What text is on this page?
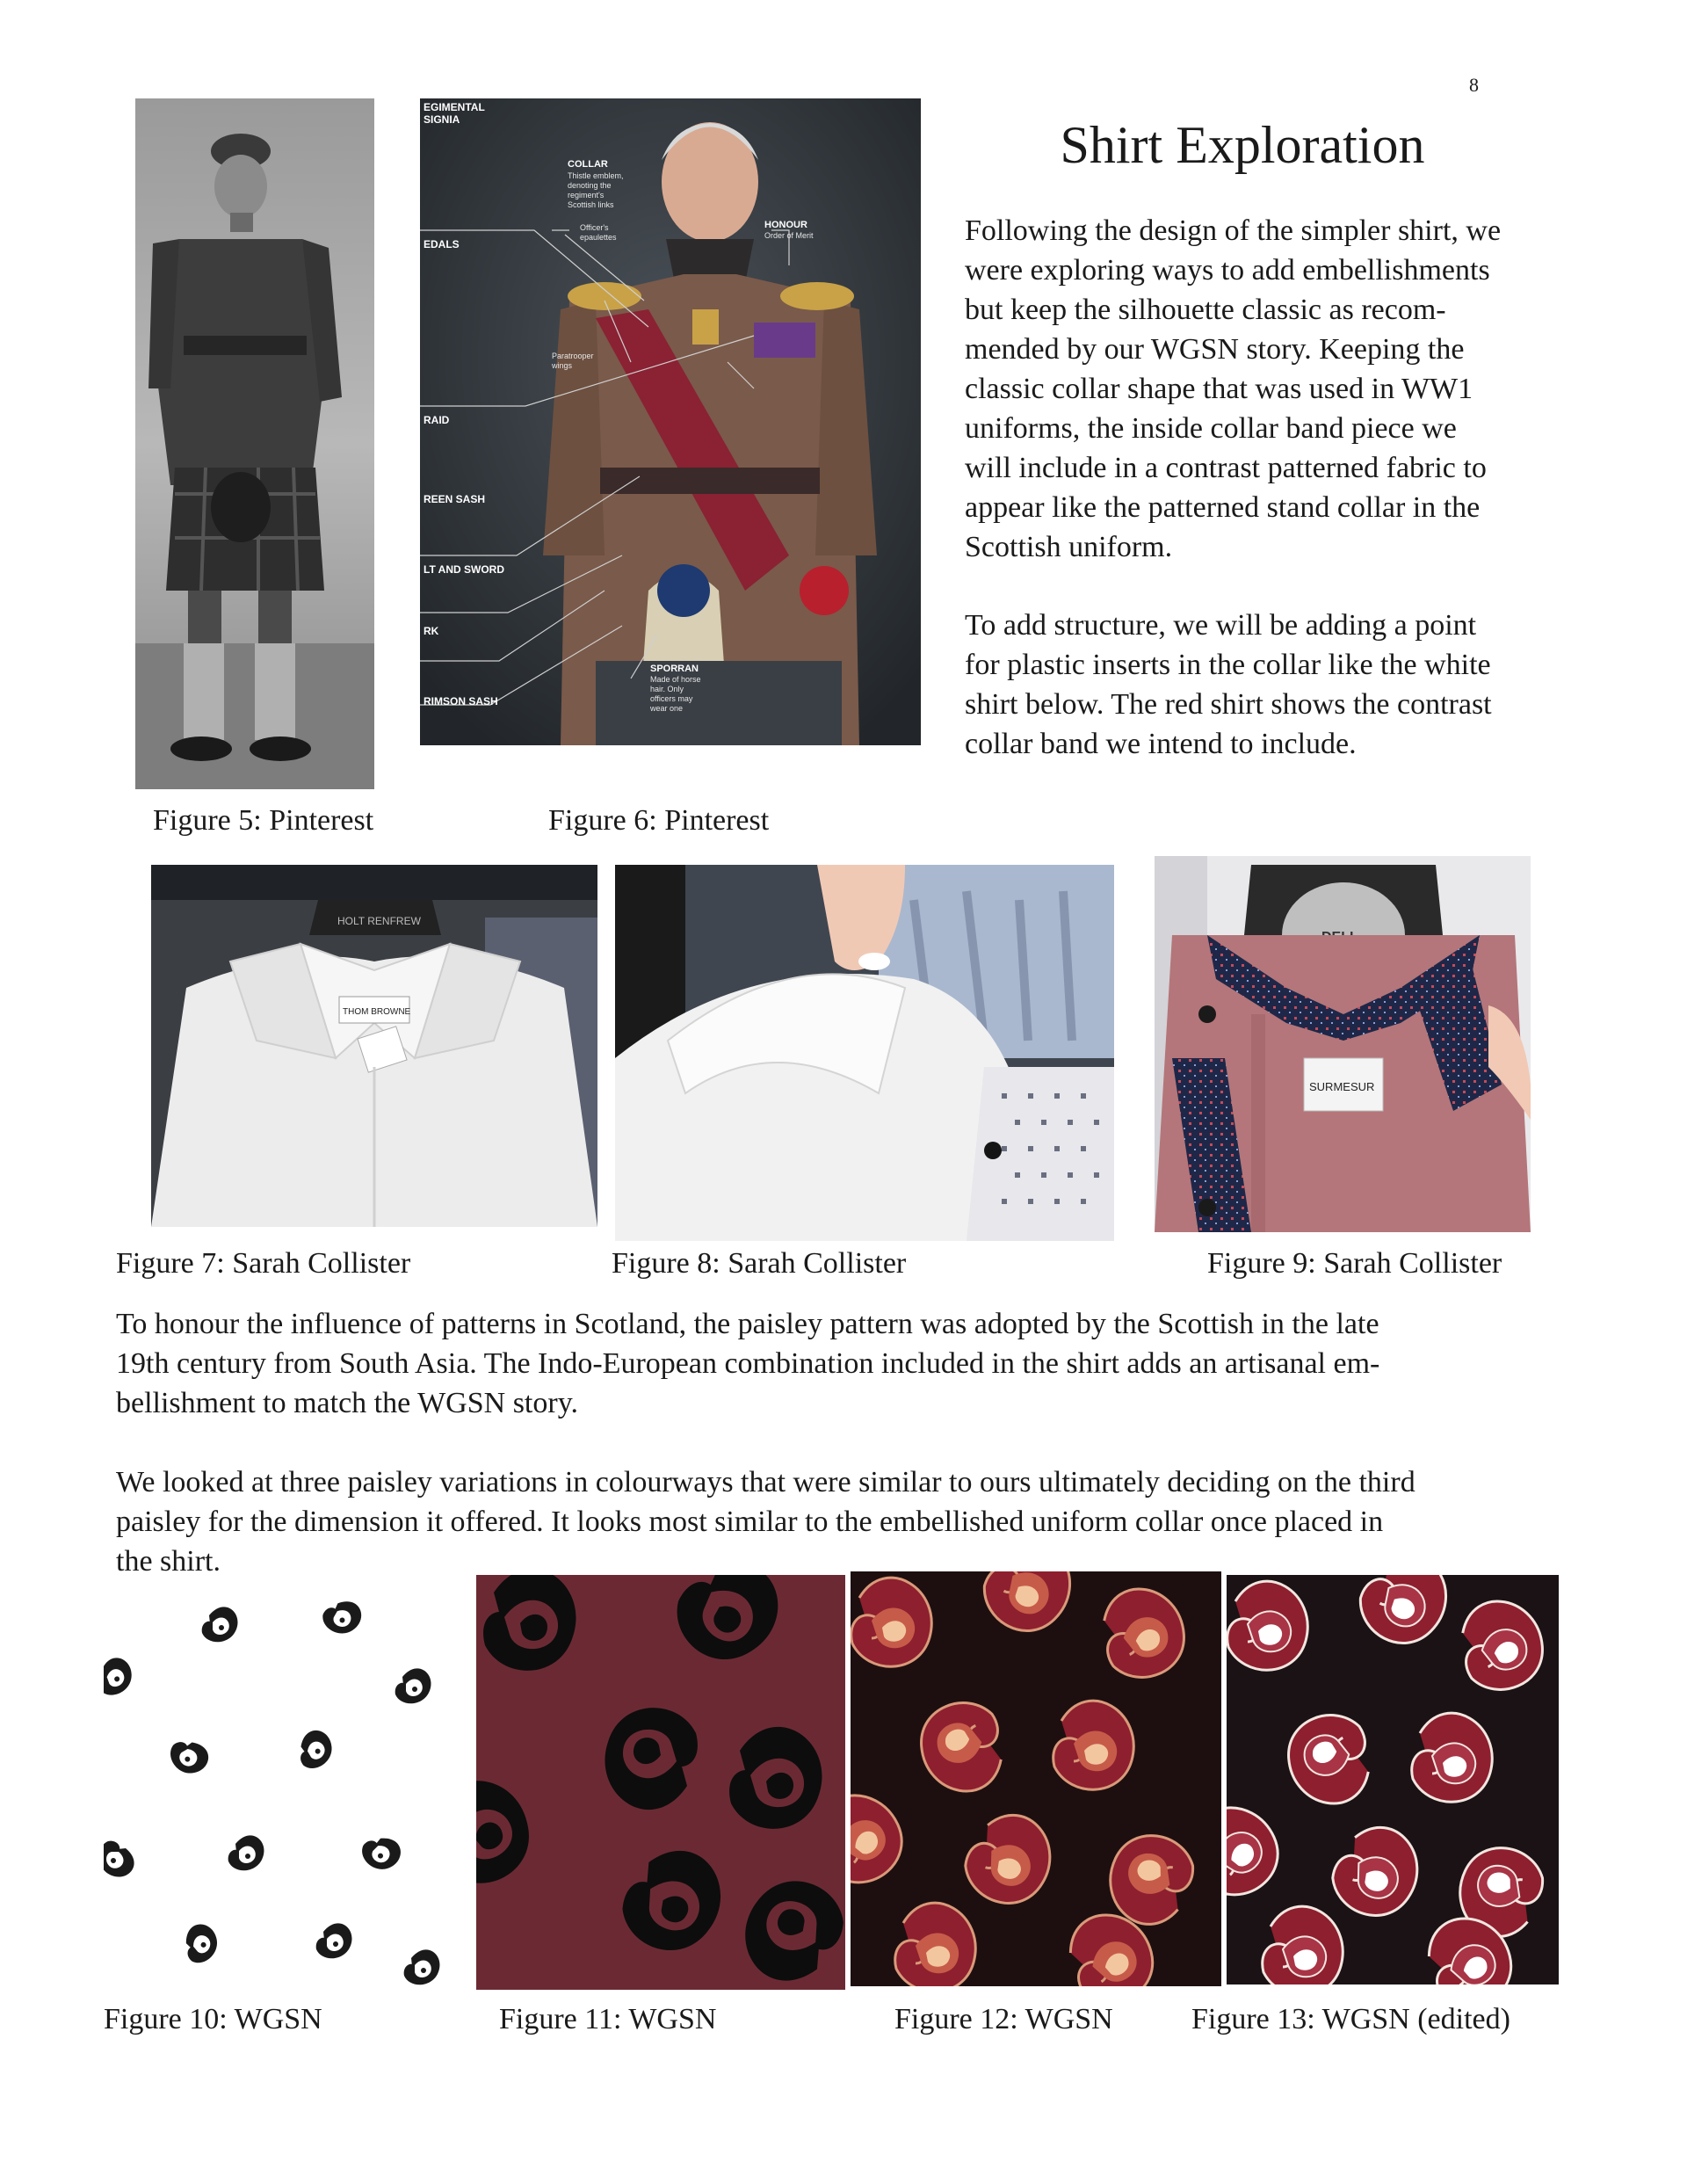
8
Shirt Exploration
Following the design of the simpler shirt, we
were exploring ways to add embellishments
but keep the silhouette classic as recom-
mended by our WGSN story. Keeping the
classic collar shape that was used in WW1
uniforms, the inside collar band piece we
will include in a contrast patterned fabric to
appear like the patterned stand collar in the
Scottish uniform.
To add structure, we will be adding a point
for plastic inserts in the collar like the white
shirt below. The red shirt shows the contrast
collar band we intend to include.
EGIMENTAL
SIGNIA
COLLAR
Thistle emblem,
denoting the
regiment's
Scottish links
Officer's
epaulettes
HONOUR
Order of Merit
EDALS
Paratrooper
wings
RAID
REEN SASH
LT AND SWORD
RK
SPORRAN
Made of horse
hair. Only
officers may
wear one
RIMSON SASH
Figure 5: Pinterest	Figure 6: Pinterest
HOLT RENFREW
THOM BROWNE
SURMESUR
Figure 7: Sarah Collister	Figure 8: Sarah Collister	Figure 9: Sarah Collister
To honour the influence of patterns in Scotland, the paisley pattern was adopted by the Scottish in the late
19th century from South Asia. The Indo-European combination included in the shirt adds an artisanal em-
bellishment to match the WGSN story.
We looked at three paisley variations in colourways that were similar to ours ultimately deciding on the third
paisley for the dimension it offered. It looks most similar to the embellished uniform collar once placed in
the shirt.
Figure 10: WGSN	Figure 11: WGSN	Figure 12: WGSN	Figure 13: WGSN (edited)
